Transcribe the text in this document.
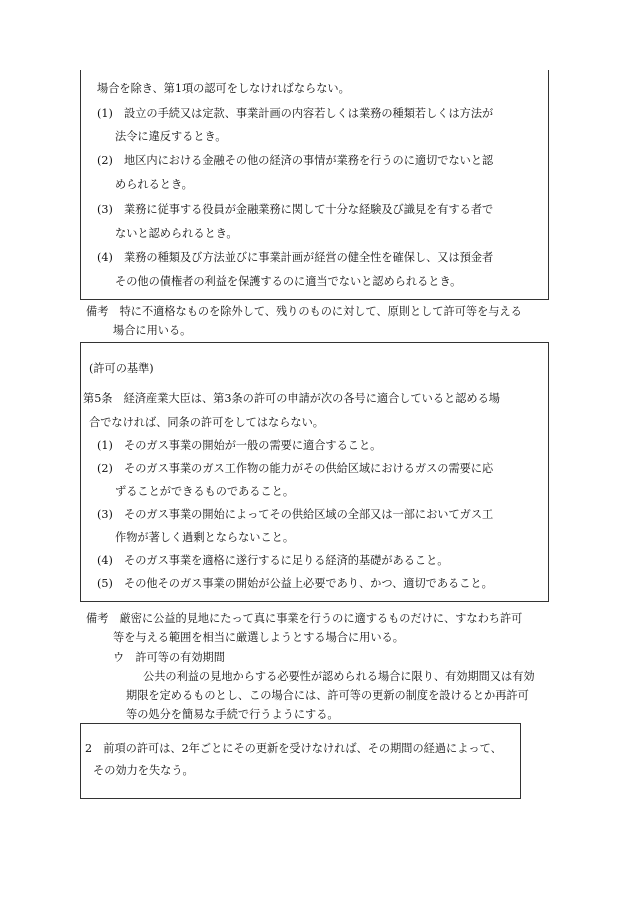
場合を除き、第1項の認可をしなければならない。
(1)　設立の手続又は定款、事業計画の内容若しくは業務の種類若しくは方法が
法令に違反するとき。
(2)　地区内における金融その他の経済の事情が業務を行うのに適切でないと認
められるとき。
(3)　業務に従事する役員が金融業務に関して十分な経験及び識見を有する者で
ないと認められるとき。
(4)　業務の種類及び方法並びに事業計画が経営の健全性を確保し、又は預金者
その他の債権者の利益を保護するのに適当でないと認められるとき。
備考　特に不適格なものを除外して、残りのものに対して、原則として許可等を与える
場合に用いる。
(許可の基準)
第5条　経済産業大臣は、第3条の許可の申請が次の各号に適合していると認める場
合でなければ、同条の許可をしてはならない。
(1)　そのガス事業の開始が一般の需要に適合すること。
(2)　そのガス事業のガス工作物の能力がその供給区域におけるガスの需要に応
ずることができるものであること。
(3)　そのガス事業の開始によってその供給区域の全部又は一部においてガス工
作物が著しく過剰とならないこと。
(4)　そのガス事業を適格に遂行するに足りる経済的基礎があること。
(5)　その他そのガス事業の開始が公益上必要であり、かつ、適切であること。
備考　厳密に公益的見地にたって真に事業を行うのに適するものだけに、すなわち許可
等を与える範囲を相当に厳選しようとする場合に用いる。
ウ　許可等の有効期間
公共の利益の見地からする必要性が認められる場合に限り、有効期間又は有効
期限を定めるものとし、この場合には、許可等の更新の制度を設けるとか再許可
等の処分を簡易な手続で行うようにする。
2　前項の許可は、2年ごとにその更新を受けなければ、その期間の経過によって、
その効力を失なう。
